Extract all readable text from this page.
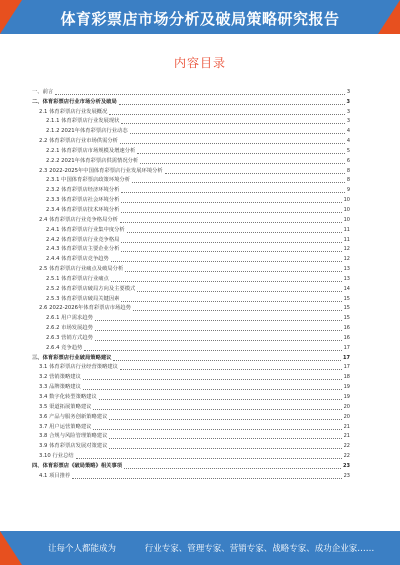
体育彩票店市场分析及破局策略研究报告
内容目录
一、前言	3
二、体育彩票店行业市场分析及破局	3
2.1 体育彩票店行业发展概况	3
2.1.1 体育彩票店行业发展现状	3
2.1.2 2021年体育彩票店行业动态	4
2.2 体育彩票店行业市场供需分析	4
2.2.1 体育彩票店市场规模及增速分析	5
2.2.2 2021年体育彩票店供需情况分析	6
2.3 2022-2025年中国体育彩票店行业发展环境分析	8
2.3.1 中国体育彩票店政策环境分析	8
2.3.2 体育彩票店经济环境分析	9
2.3.3 体育彩票店社会环境分析	10
2.3.4 体育彩票店技术环境分析	10
2.4 体育彩票店行业竞争格局分析	10
2.4.1 体育彩票店行业集中度分析	11
2.4.2 体育彩票店行业竞争格局	11
2.4.3 体育彩票店主要企业分析	12
2.4.4 体育彩票店竞争趋势	12
2.5 体育彩票店行业痛点及破局分析	13
2.5.1 体育彩票店行业痛点	13
2.5.2 体育彩票店破局方向及主要模式	14
2.5.3 体育彩票店破局关键因素	15
2.6 2022-2026年体育彩票店市场趋势	15
2.6.1 用户需求趋势	15
2.6.2 市场发展趋势	16
2.6.3 营销方式趋势	16
2.6.4 竞争趋势	17
三、体育彩票店行业破局策略建议	17
3.1 体育彩票店行业经营策略建议	17
3.2 营销策略建议	18
3.3 品牌策略建议	19
3.4 数字化转型策略建议	19
3.5 渠道拓展策略建议	20
3.6 产品与服务创新策略建议	20
3.7 用户运营策略建议	21
3.8 合规与风险管理策略建议	21
3.9 体育彩票店发展对策建议	22
3.10 行业总结	22
四、体育彩票店《破局策略》相关事项	23
4.1 项目推荐	23
让每个人都能成为	行业专家、管理专家、营销专家、战略专家、成功企业家……
